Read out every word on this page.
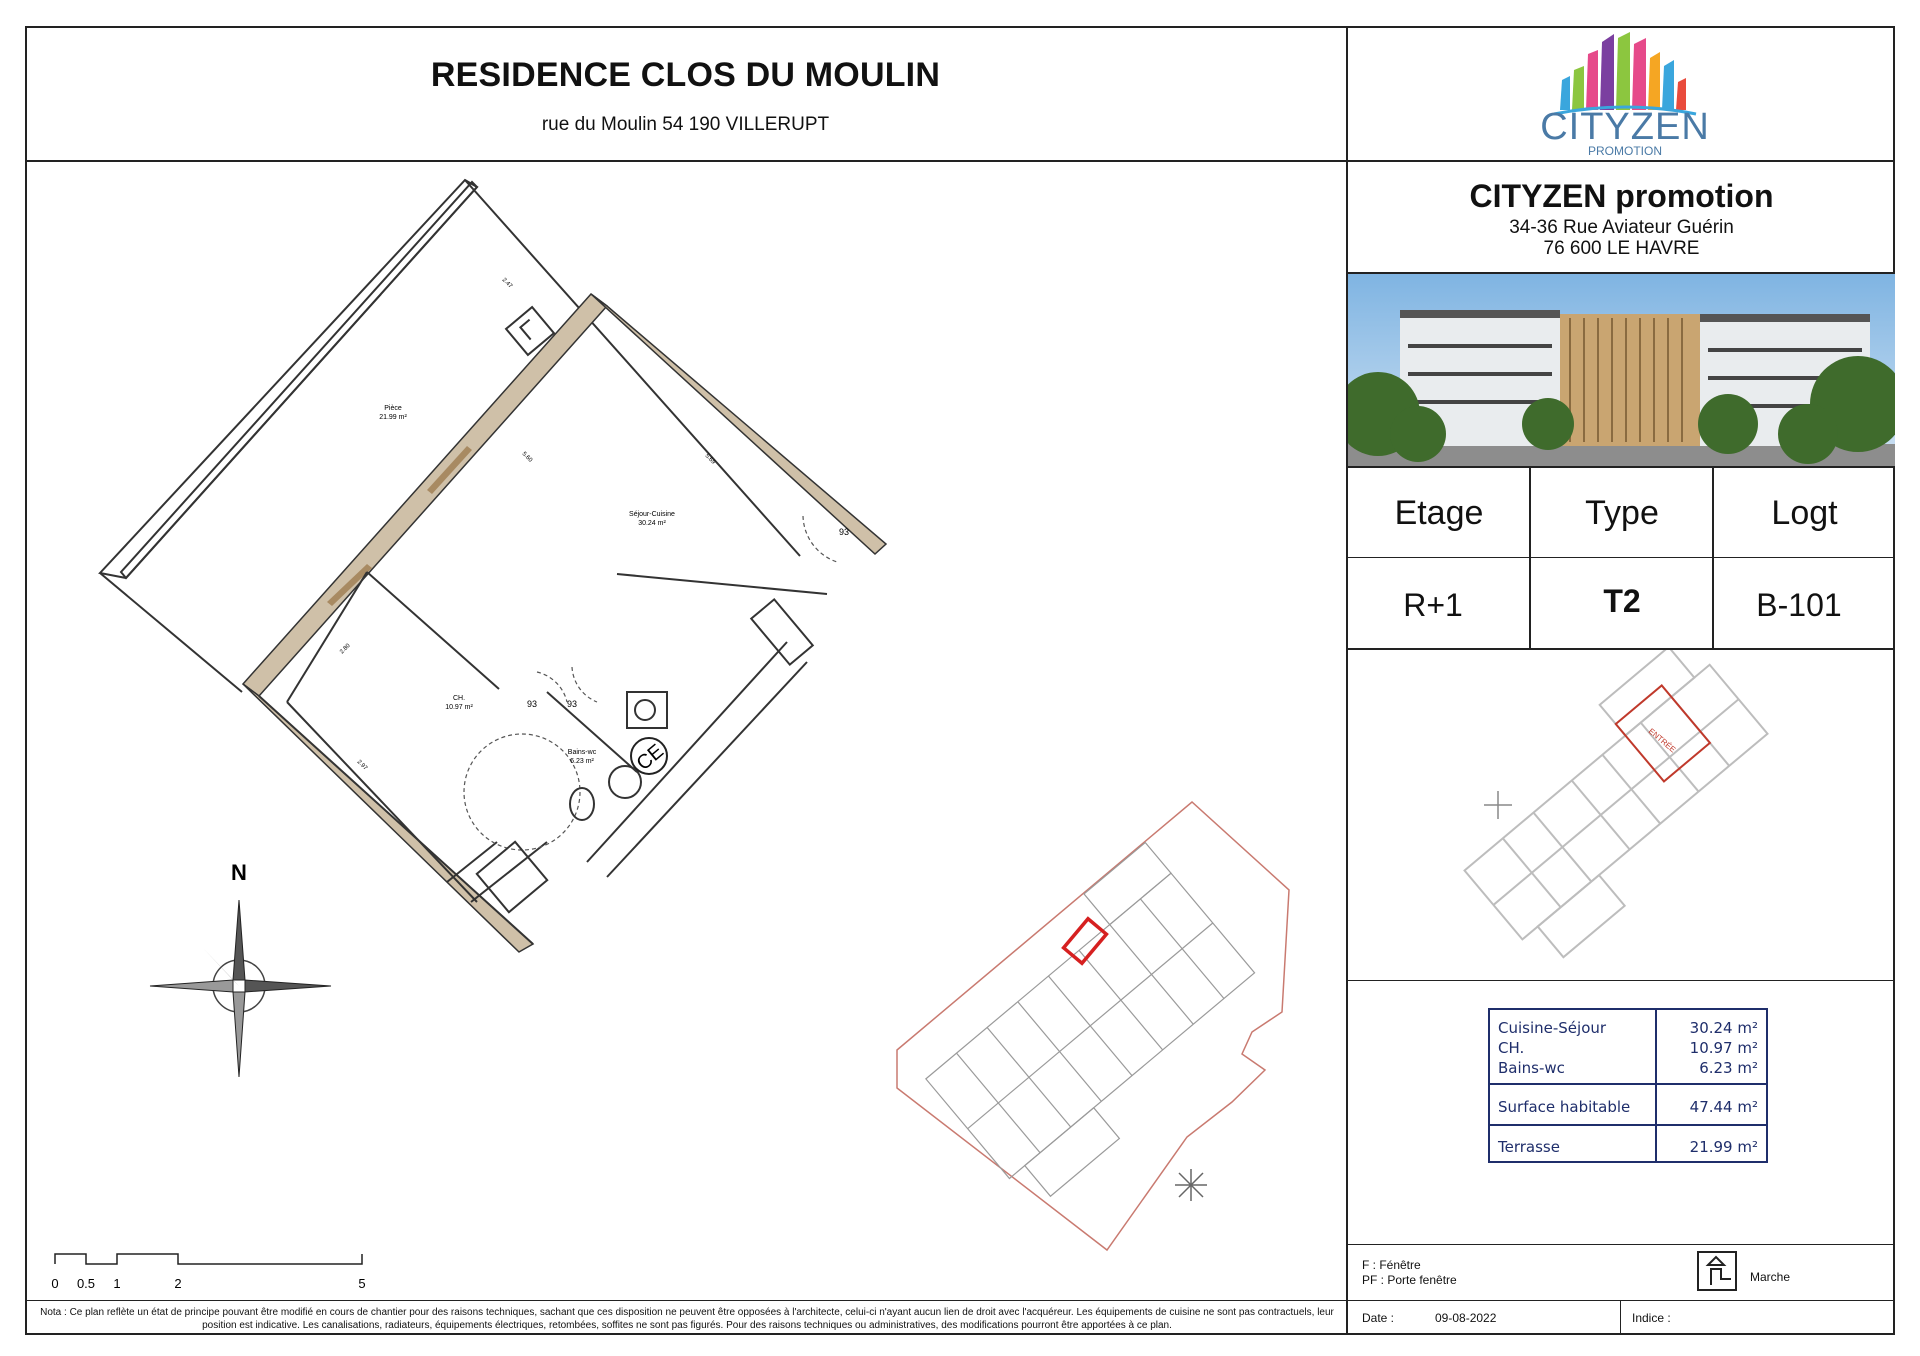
RESIDENCE CLOS DU MOULIN
rue du Moulin 54 190 VILLERUPT	CITYZEN
PROMOTION
CITYZEN promotion
34-36 Rue Aviateur Guérin
76 600 LE HAVRE
Etage	Type	Logt
R+1	T2	B-101
ENTRÉE
Cuisine-Séjour	30.24 m²
CH.	10.97 m²
Bains-wc	6.23 m²
Surface habitable	47.44 m²
Terrasse	21.99 m²
F : Fénêtre
PF : Porte fenêtre	Marche
Nota : Ce plan reflète un état de principe pouvant être modifié en cours de chantier pour des raisons techniques, sachant que ces disposition ne peuvent être opposées à l'architecte, celui-ci n'ayant aucun lien de droit avec l'acquéreur. Les équipements de cuisine ne sont pas contractuels, leur position est indicative. Les canalisations, radiateurs, équipements électriques, retombées, soffites ne sont pas figurés. Pour des raisons techniques ou administratives, des modifications pourront être apportées à ce plan.
Date :	09-08-2022	Indice :
CE
Pièce
21.99 m²
Séjour-Cuisine
30.24 m²
CH.
10.97 m²
Bains-wc
6.23 m²
93
93	93
2.47
5.60	5.69
2.80
2.97
N
0 0.5 1	2	5
